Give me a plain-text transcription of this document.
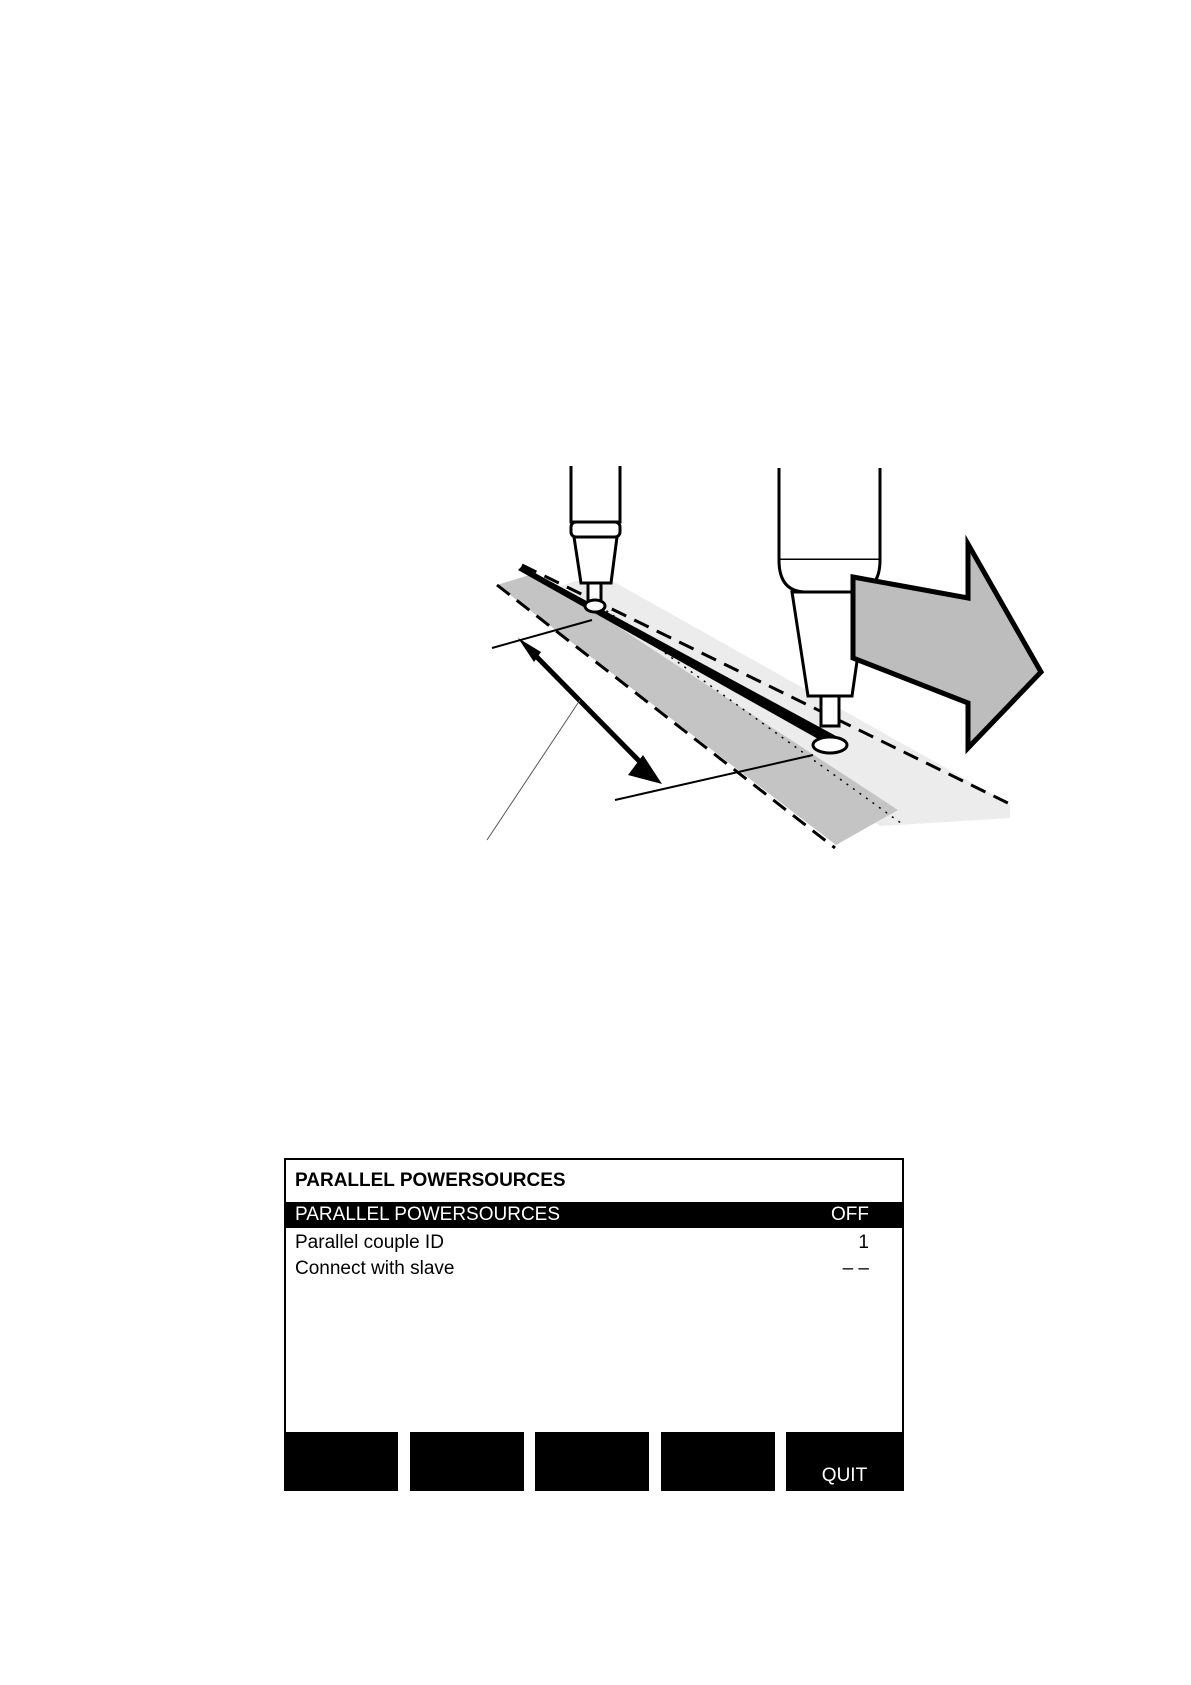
PARALLEL POWERSOURCES
PARALLEL POWERSOURCES	OFF
Parallel couple ID	1
Connect with slave	– –
QUIT
